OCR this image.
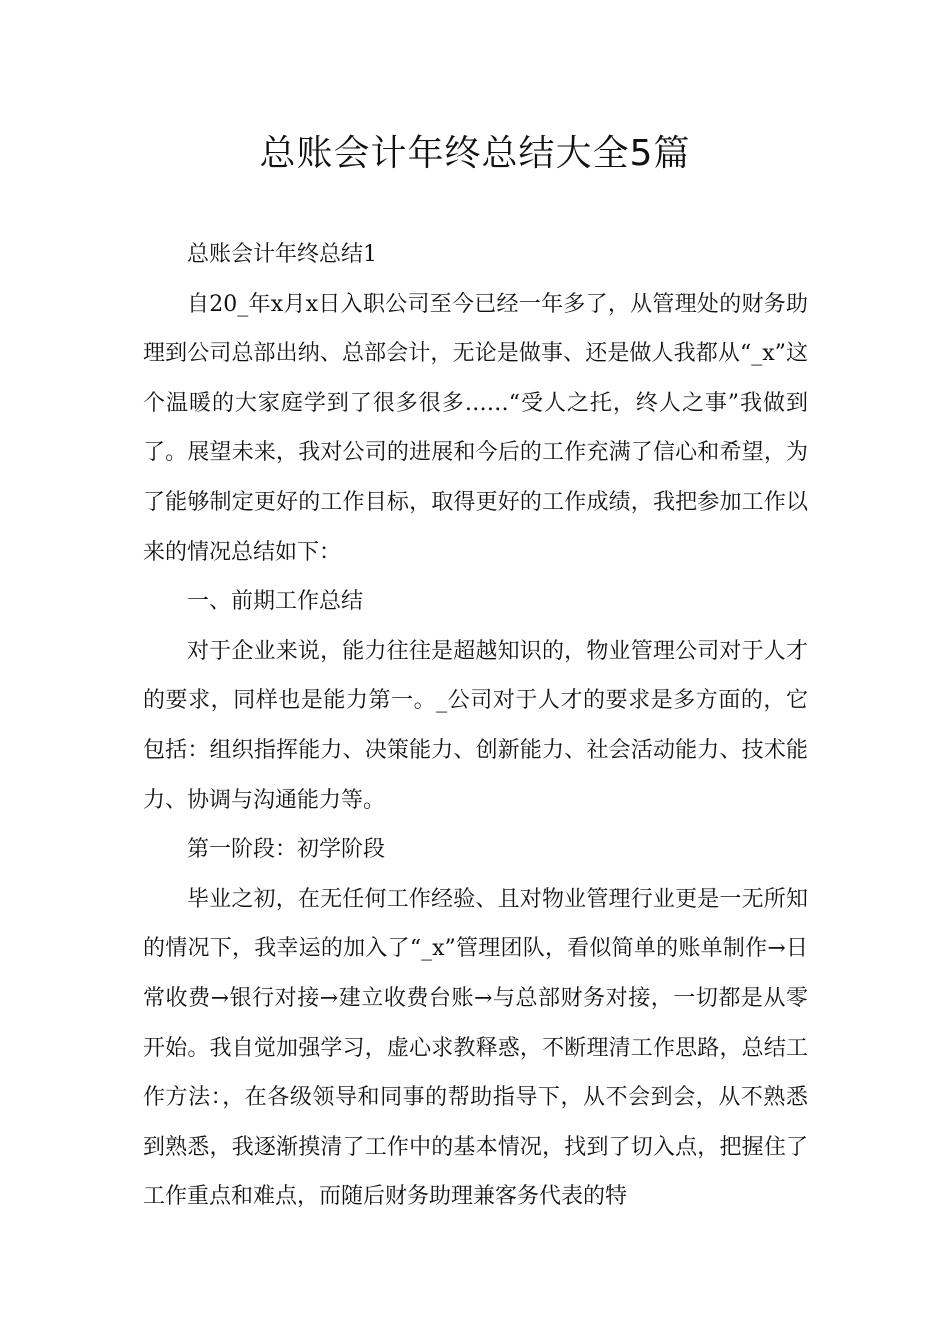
总账会计年终总结大全5篇

总账会计年终总结1

自20_年x月x日入职公司至今已经一年多了，从管理处的财务助理到公司总部出纳、总部会计，无论是做事、还是做人我都从“_x”这个温暖的大家庭学到了很多很多……“受人之托，终人之事”我做到了。展望未来，我对公司的进展和今后的工作充满了信心和希望，为了能够制定更好的工作目标，取得更好的工作成绩，我把参加工作以来的情况总结如下：

一、前期工作总结

对于企业来说，能力往往是超越知识的，物业管理公司对于人才的要求，同样也是能力第一。_公司对于人才的要求是多方面的，它包括：组织指挥能力、决策能力、创新能力、社会活动能力、技术能力、协调与沟通能力等。

第一阶段：初学阶段

毕业之初，在无任何工作经验、且对物业管理行业更是一无所知的情况下，我幸运的加入了“_x”管理团队，看似简单的账单制作→日常收费→银行对接→建立收费台账→与总部财务对接，一切都是从零开始。我自觉加强学习，虚心求教释惑，不断理清工作思路，总结工作方法：，在各级领导和同事的帮助指导下，从不会到会，从不熟悉到熟悉，我逐渐摸清了工作中的基本情况，找到了切入点，把握住了工作重点和难点，而随后财务助理兼客务代表的特
